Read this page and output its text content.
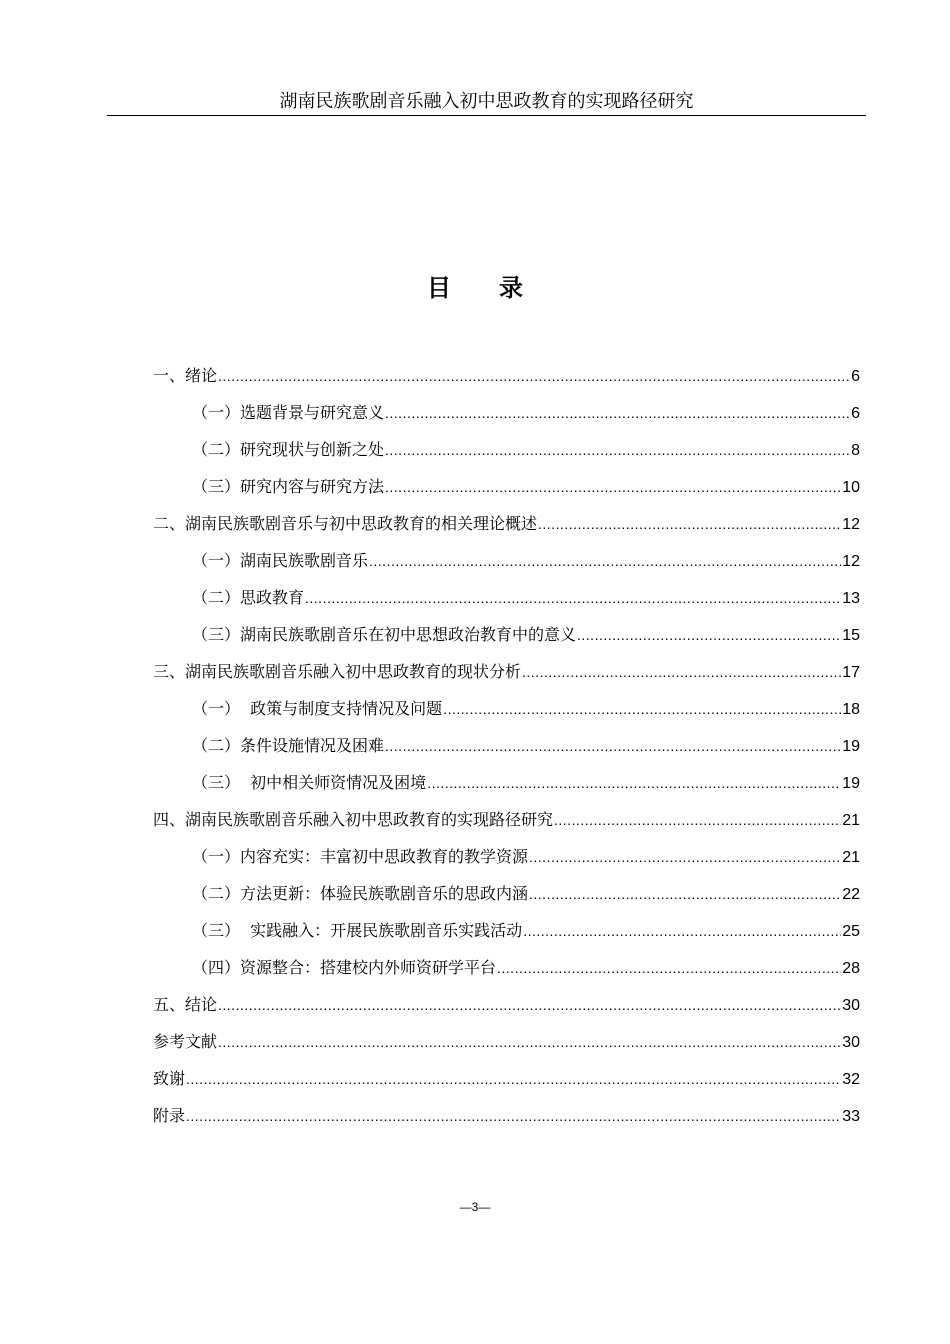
湖南民族歌剧音乐融入初中思政教育的实现路径研究
目 录
一、绪论 .....	6
（一）选题背景与研究意义 .....	6
（二）研究现状与创新之处 .....	8
（三）研究内容与研究方法 .....	10
二、湖南民族歌剧音乐与初中思政教育的相关理论概述 .....	12
（一）湖南民族歌剧音乐 .....	12
（二）思政教育 .....	13
（三）湖南民族歌剧音乐在初中思想政治教育中的意义 .....	15
三、湖南民族歌剧音乐融入初中思政教育的现状分析 .....	17
（一）  政策与制度支持情况及问题 .....	18
（二）条件设施情况及困难 .....	19
（三）  初中相关师资情况及困境 .....	19
四、湖南民族歌剧音乐融入初中思政教育的实现路径研究 .....	21
（一）内容充实：丰富初中思政教育的教学资源 .....	21
（二）方法更新：体验民族歌剧音乐的思政内涵 .....	22
（三）  实践融入：开展民族歌剧音乐实践活动 .....	25
（四）资源整合：搭建校内外师资研学平台 .....	28
五、结论 .....	30
参考文献 .....	30
致谢 .....	32
附录 .....	33
—3—
